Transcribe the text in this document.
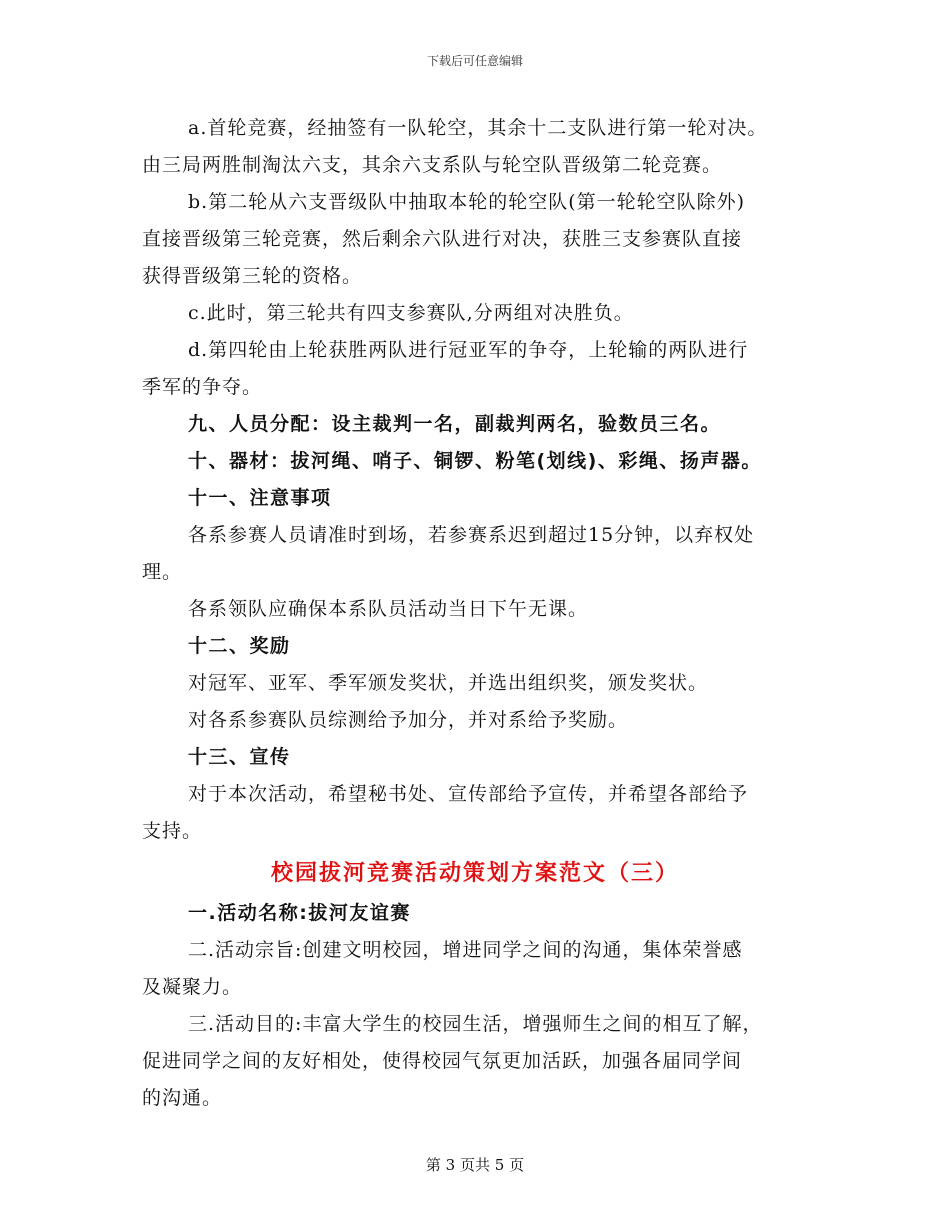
下载后可任意编辑
a.首轮竞赛，经抽签有一队轮空，其余十二支队进行第一轮对决。
由三局两胜制淘汰六支，其余六支系队与轮空队晋级第二轮竞赛。
b.第二轮从六支晋级队中抽取本轮的轮空队(第一轮轮空队除外)
直接晋级第三轮竞赛，然后剩余六队进行对决，获胜三支参赛队直接
获得晋级第三轮的资格。
c.此时，第三轮共有四支参赛队,分两组对决胜负。
d.第四轮由上轮获胜两队进行冠亚军的争夺，上轮输的两队进行
季军的争夺。
九、人员分配：设主裁判一名，副裁判两名，验数员三名。
十、器材：拔河绳、哨子、铜锣、粉笔(划线)、彩绳、扬声器。
十一、注意事项
各系参赛人员请准时到场，若参赛系迟到超过15分钟，以弃权处
理。
各系领队应确保本系队员活动当日下午无课。
十二、奖励
对冠军、亚军、季军颁发奖状，并选出组织奖，颁发奖状。
对各系参赛队员综测给予加分，并对系给予奖励。
十三、宣传
对于本次活动，希望秘书处、宣传部给予宣传，并希望各部给予
支持。
校园拔河竞赛活动策划方案范文（三）
一.活动名称:拔河友谊赛
二.活动宗旨:创建文明校园，增进同学之间的沟通，集体荣誉感
及凝聚力。
三.活动目的:丰富大学生的校园生活，增强师生之间的相互了解，
促进同学之间的友好相处，使得校园气氛更加活跃，加强各届同学间
的沟通。
第 3 页共 5 页
